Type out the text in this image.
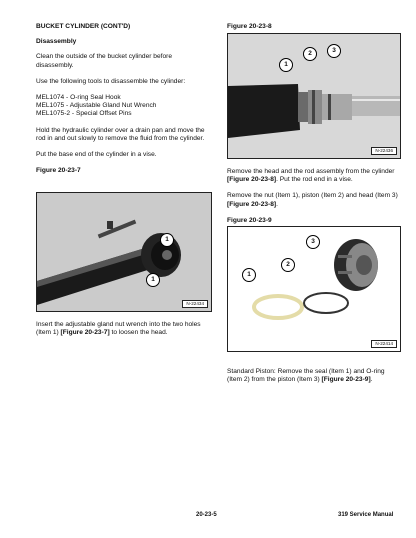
BUCKET CYLINDER (CONT'D)

Disassembly

Clean the outside of the bucket cylinder before disassembly.

Use the following tools to disassemble the cylinder:

MEL1074 - O-ring Seal Hook

MEL1075 - Adjustable Gland Nut Wrench

MEL1075-2 - Special Offset Pins

Hold the hydraulic cylinder over a drain pan and move the rod in and out slowly to remove the fluid from the cylinder.

Put the base end of the cylinder in a vise.

Figure 20-23-7

1
1
N-22434

Insert the adjustable gland nut wrench into the two holes (Item 1) [Figure 20-23-7] to loosen the head.

Figure 20-23-8

1
2	3
N-22436

Remove the head and the rod assembly from the cylinder [Figure 20-23-8]. Put the rod end in a vise.

Remove the nut (Item 1), piston (Item 2) and head (Item 3) [Figure 20-23-8].

Figure 20-23-9

1
2
3
N-22414

Standard Piston: Remove the seal (Item 1) and O-ring (Item 2) from the piston (Item 3) [Figure 20-23-9].

20-23-5	319 Service Manual
